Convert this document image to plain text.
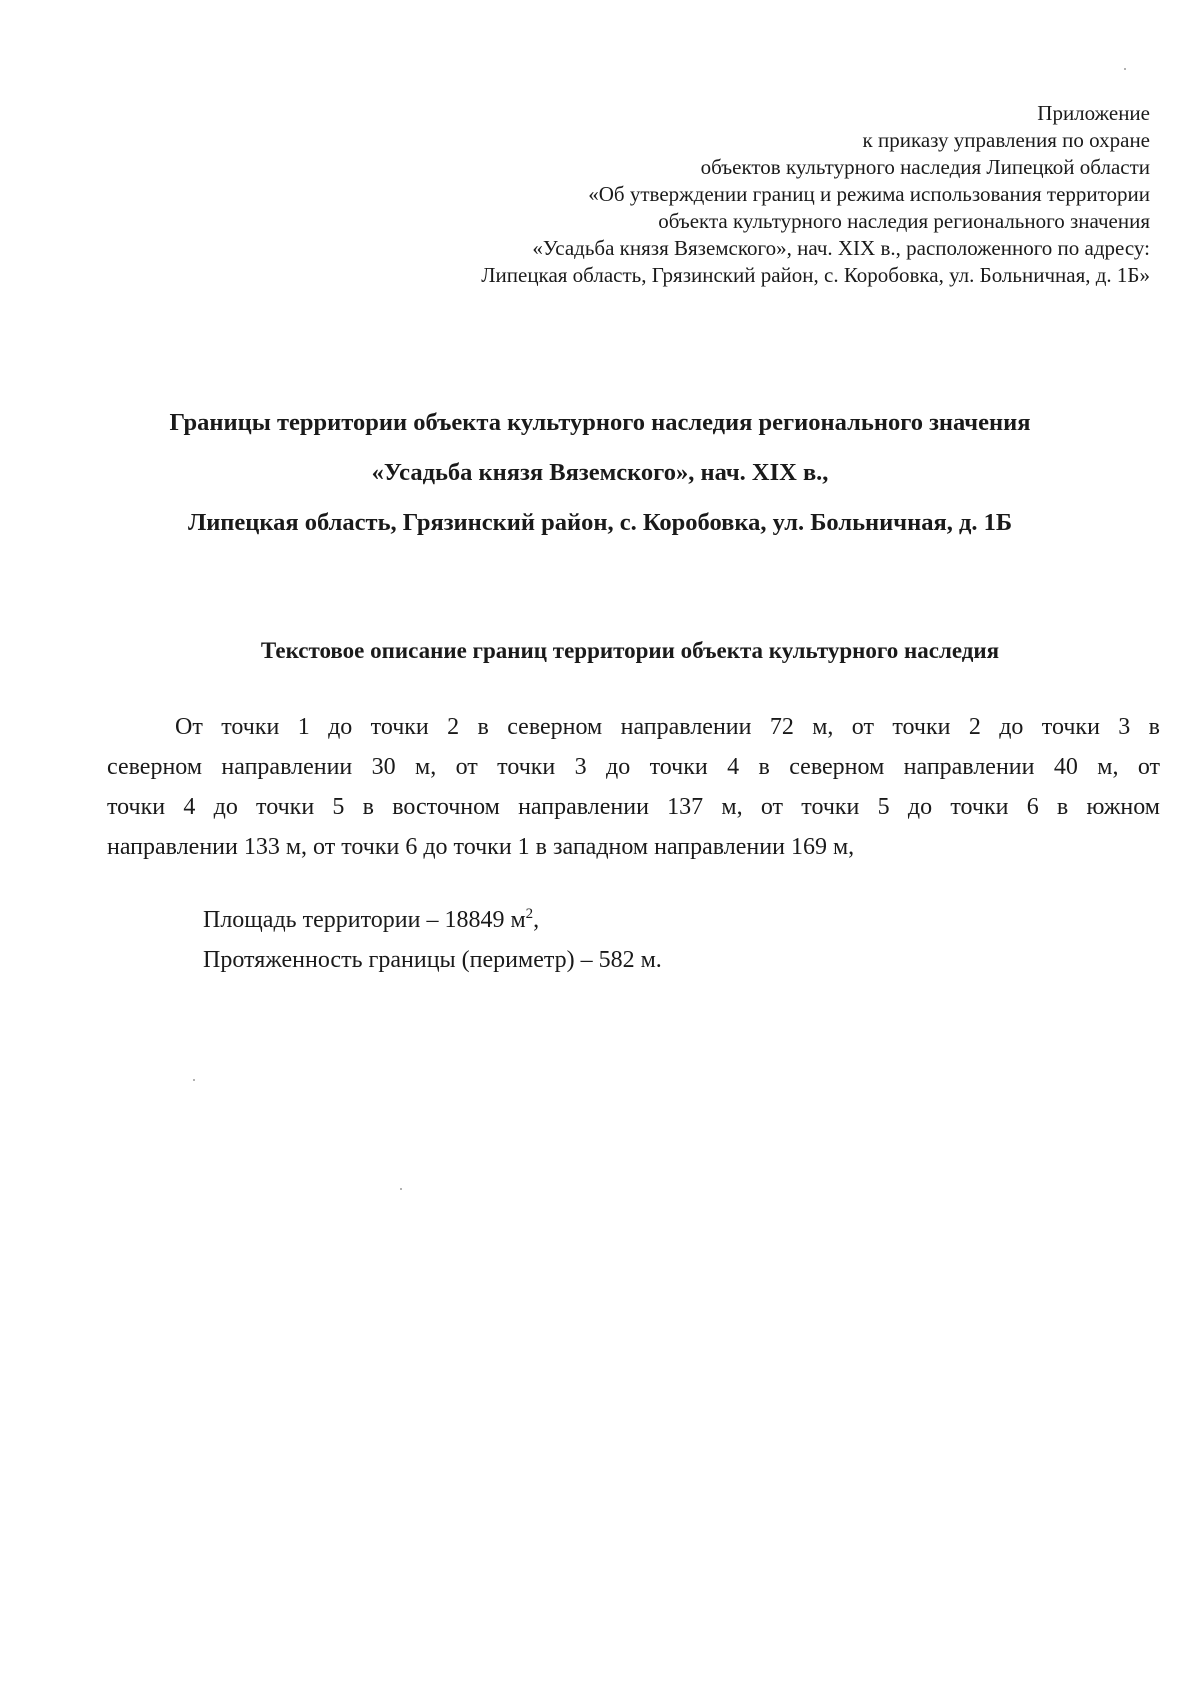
Приложение
к приказу управления по охране
объектов культурного наследия Липецкой области
«Об утверждении границ и режима использования территории
объекта культурного наследия регионального значения
«Усадьба князя Вяземского», нач. XIX в., расположенного по адресу:
Липецкая область, Грязинский район, с. Коробовка, ул. Больничная, д. 1Б»
Границы территории объекта культурного наследия регионального значения
«Усадьба князя Вяземского», нач. XIX в.,
Липецкая область, Грязинский район, с. Коробовка, ул. Больничная, д. 1Б
Текстовое описание границ территории объекта культурного наследия
От точки 1 до точки 2 в северном направлении 72 м, от точки 2 до точки 3 в
северном направлении 30 м, от точки 3 до точки 4 в северном направлении 40 м, от
точки 4 до точки 5 в восточном направлении 137 м, от точки 5 до точки 6 в южном
направлении 133 м, от точки 6 до точки 1 в западном направлении 169 м,
Площадь территории – 18849 $м^2$,
Протяженность границы (периметр) – 582 м.
